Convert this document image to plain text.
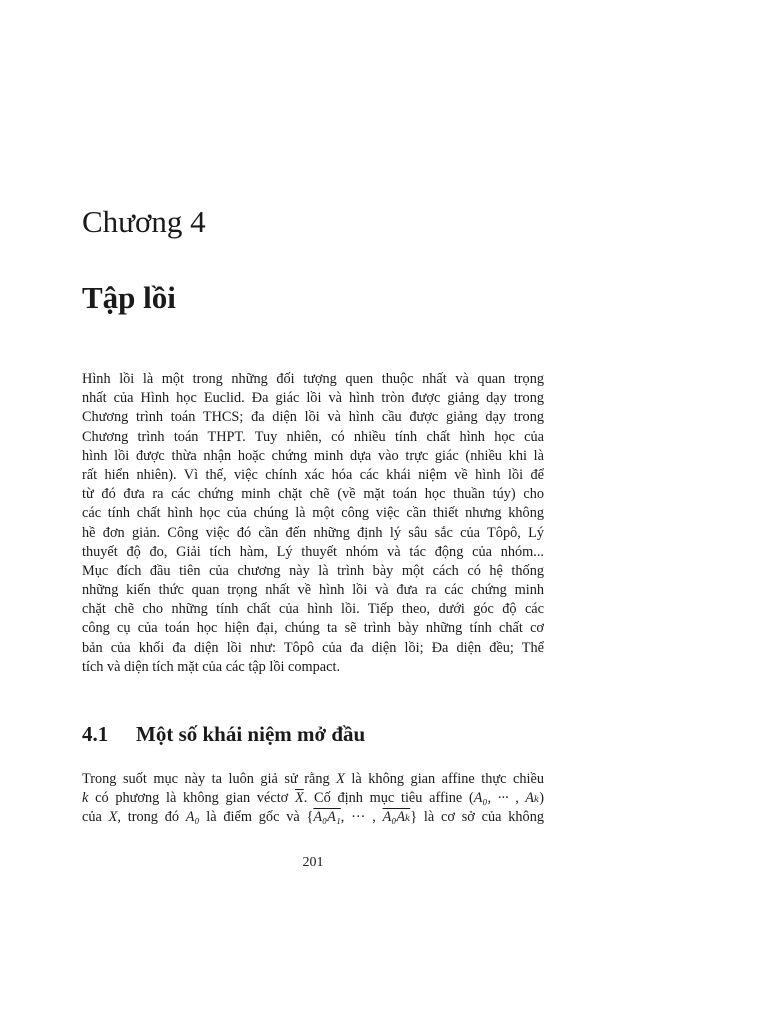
Chương 4
Tập lồi
Hình lồi là một trong những đối tượng quen thuộc nhất và quan trọng
nhất của Hình học Euclid. Đa giác lồi và hình tròn được giảng dạy trong
Chương trình toán THCS; đa diện lồi và hình cầu được giảng dạy trong
Chương trình toán THPT. Tuy nhiên, có nhiều tính chất hình học của
hình lồi được thừa nhận hoặc chứng minh dựa vào trực giác (nhiều khi là
rất hiển nhiên). Vì thế, việc chính xác hóa các khái niệm về hình lồi để
từ đó đưa ra các chứng minh chặt chẽ (về mặt toán học thuần túy) cho
các tính chất hình học của chúng là một công việc cần thiết nhưng không
hề đơn giản. Công việc đó cần đến những định lý sâu sắc của Tôpô, Lý
thuyết độ đo, Giải tích hàm, Lý thuyết nhóm và tác động của nhóm...
Mục đích đầu tiên của chương này là trình bày một cách có hệ thống
những kiến thức quan trọng nhất về hình lồi và đưa ra các chứng minh
chặt chẽ cho những tính chất của hình lồi. Tiếp theo, dưới góc độ các
công cụ của toán học hiện đại, chúng ta sẽ trình bày những tính chất cơ
bản của khối đa diện lồi như: Tôpô của đa diện lồi; Đa diện đều; Thể
tích và diện tích mặt của các tập lồi compact.
4.1 Một số khái niệm mở đầu
Trong suốt mục này ta luôn giả sử rằng X là không gian affine thực chiều
k có phương là không gian véctơ $\overline{X}$. Cố định mục tiêu affine (A₀, ··· , Aₖ)
của X, trong đó A₀ là điểm gốc và {A₀A₁, ··· , A₀Aₖ} là cơ sở của không
201
